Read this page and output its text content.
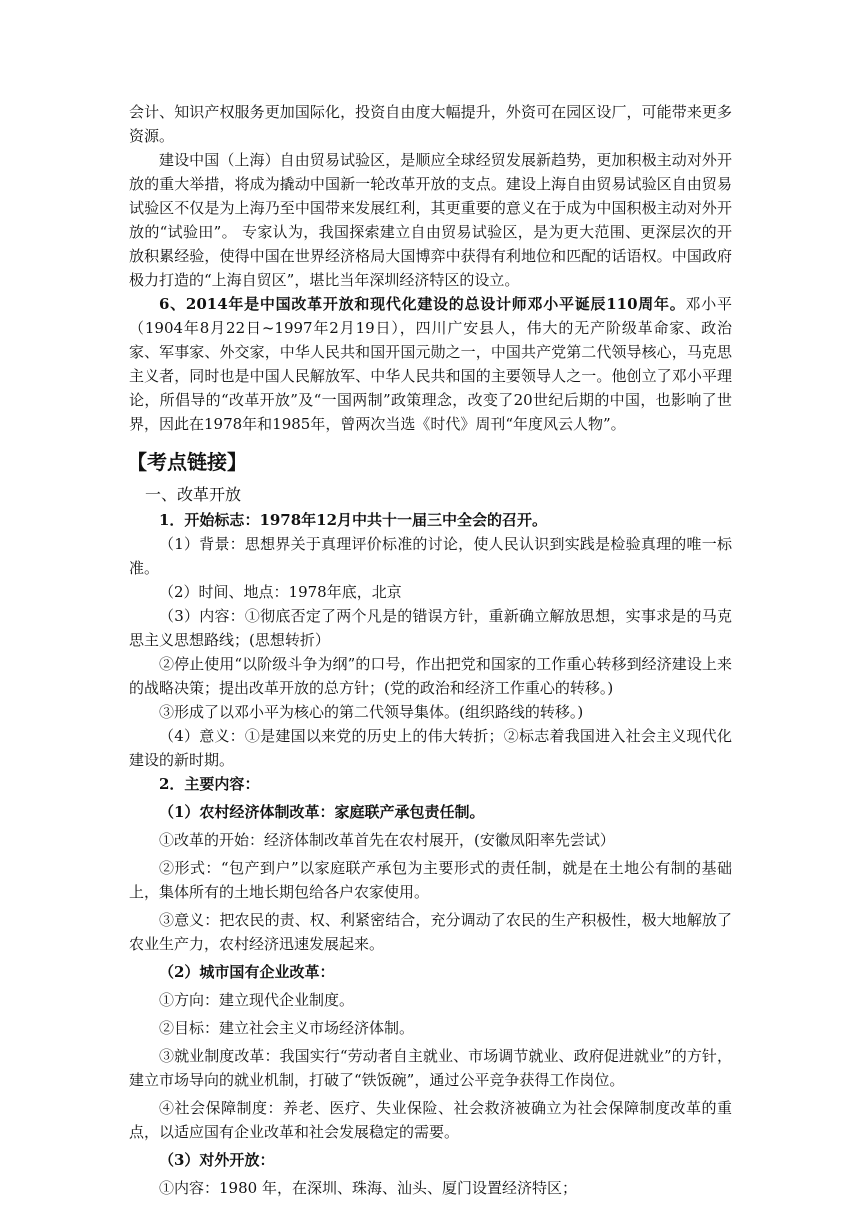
会计、知识产权服务更加国际化，投资自由度大幅提升，外资可在园区设厂，可能带来更多资源。

建设中国（上海）自由贸易试验区，是顺应全球经贸发展新趋势，更加积极主动对外开放的重大举措，将成为撬动中国新一轮改革开放的支点。建设上海自由贸易试验区自由贸易试验区不仅是为上海乃至中国带来发展红利，其更重要的意义在于成为中国积极主动对外开放的“试验田”。 专家认为，我国探索建立自由贸易试验区，是为更大范围、更深层次的开放积累经验，使得中国在世界经济格局大国博弈中获得有利地位和匹配的话语权。中国政府极力打造的“上海自贸区”，堪比当年深圳经济特区的设立。

6、2014年是中国改革开放和现代化建设的总设计师邓小平诞辰110周年。邓小平（1904年8月22日~1997年2月19日），四川广安县人，伟大的无产阶级革命家、政治家、军事家、外交家，中华人民共和国开国元勋之一，中国共产党第二代领导核心，马克思主义者，同时也是中国人民解放军、中华人民共和国的主要领导人之一。他创立了邓小平理论，所倡导的“改革开放”及“一国两制”政策理念，改变了20世纪后期的中国，也影响了世界，因此在1978年和1985年，曾两次当选《时代》周刊“年度风云人物”。

【考点链接】
一、改革开放

1．开始标志：1978年12月中共十一届三中全会的召开。

（1）背景：思想界关于真理评价标准的讨论，使人民认识到实践是检验真理的唯一标准。

（2）时间、地点：1978年底，北京

（3）内容：①彻底否定了两个凡是的错误方针，重新确立解放思想，实事求是的马克思主义思想路线；(思想转折）

②停止使用“以阶级斗争为纲”的口号，作出把党和国家的工作重心转移到经济建设上来的战略决策；提出改革开放的总方针；(党的政治和经济工作重心的转移。)

③形成了以邓小平为核心的第二代领导集体。(组织路线的转移。)

（4）意义：①是建国以来党的历史上的伟大转折；②标志着我国进入社会主义现代化建设的新时期。

2．主要内容：

（1）农村经济体制改革：家庭联产承包责任制。

①改革的开始：经济体制改革首先在农村展开，(安徽凤阳率先尝试）

②形式：“包产到户”以家庭联产承包为主要形式的责任制，就是在土地公有制的基础上，集体所有的土地长期包给各户农家使用。

③意义：把农民的责、权、利紧密结合，充分调动了农民的生产积极性，极大地解放了农业生产力，农村经济迅速发展起来。

（2）城市国有企业改革：

①方向：建立现代企业制度。

②目标：建立社会主义市场经济体制。

③就业制度改革：我国实行“劳动者自主就业、市场调节就业、政府促进就业”的方针，建立市场导向的就业机制，打破了“铁饭碗”，通过公平竞争获得工作岗位。

④社会保障制度：养老、医疗、失业保险、社会救济被确立为社会保障制度改革的重点，以适应国有企业改革和社会发展稳定的需要。

（3）对外开放：

①内容：1980 年，在深圳、珠海、汕头、厦门设置经济特区；
